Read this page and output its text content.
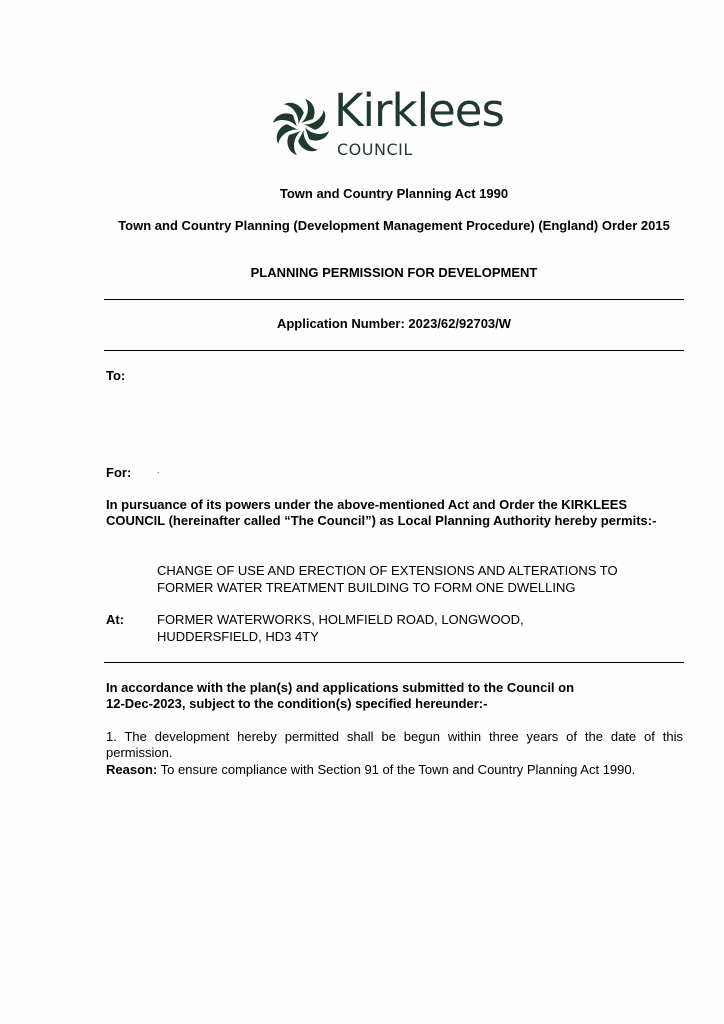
Kirklees
COUNCIL
Town and Country Planning Act 1990
Town and Country Planning (Development Management Procedure) (England) Order 2015
PLANNING PERMISSION FOR DEVELOPMENT
Application Number: 2023/62/92703/W
To:
For:	.
In pursuance of its powers under the above-mentioned Act and Order the KIRKLEES COUNCIL (hereinafter called “The Council”) as Local Planning Authority hereby permits:-
CHANGE OF USE AND ERECTION OF EXTENSIONS AND ALTERATIONS TO
FORMER WATER TREATMENT BUILDING TO FORM ONE DWELLING
At:	FORMER WATERWORKS, HOLMFIELD ROAD, LONGWOOD,
HUDDERSFIELD, HD3 4TY
In accordance with the plan(s) and applications submitted to the Council on
12-Dec-2023, subject to the condition(s) specified hereunder:-
1. The development hereby permitted shall be begun within three years of the date of this permission.
Reason: To ensure compliance with Section 91 of the Town and Country Planning Act 1990.
